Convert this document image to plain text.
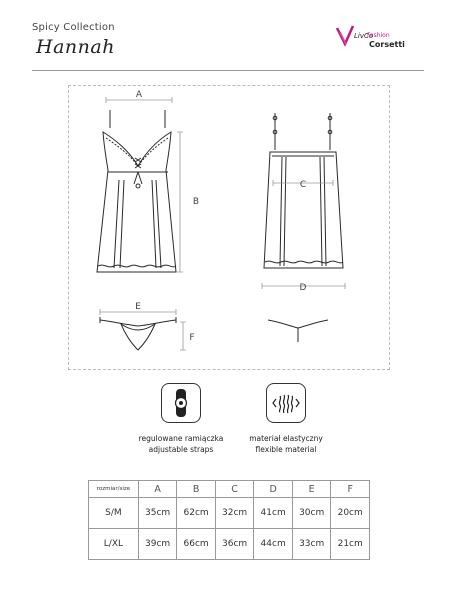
Spicy Collection
Hannah	LivCo
Fashion
Corsetti
A
B
C
D
E
F
regulowane ramiączka
adjustable straps
materiał elastyczny
flexible material
rozmiar/size	A	B	C	D	E	F
S/M	35cm	62cm	32cm	41cm	30cm	20cm
L/XL	39cm	66cm	36cm	44cm	33cm	21cm
